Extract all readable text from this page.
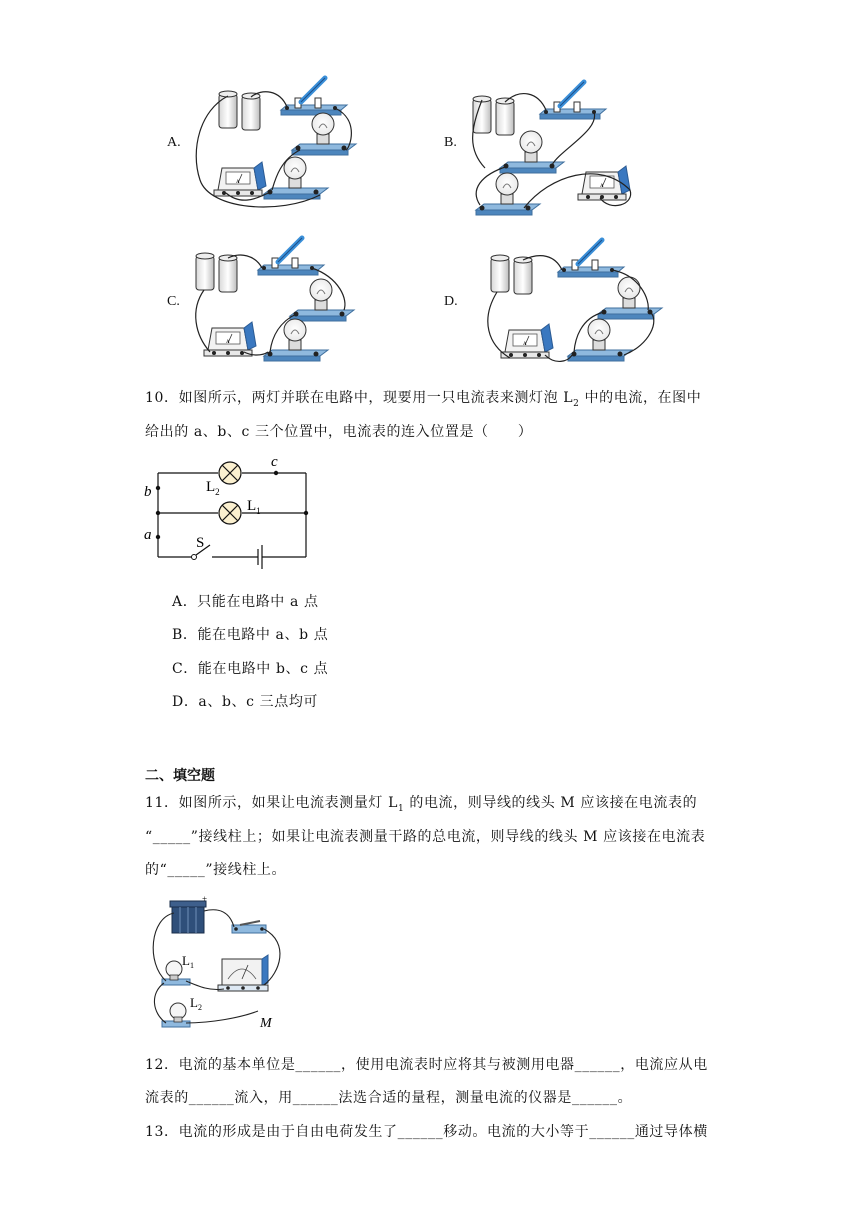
A.	B.
C.	D.
A
10．如图所示，两灯并联在电路中，现要用一只电流表来测灯泡 $L_2$ 中的电流，在图中
给出的 a、b、c 三个位置中，电流表的连入位置是（　　）
c
b
a
$L_2$
$L_1$
S
A．只能在电路中 a 点
B．能在电路中 a、b 点
C．能在电路中 b、c 点
D．a、b、c 三点均可
二、填空题
11．如图所示，如果让电流表测量灯 $L_1$ 的电流，则导线的线头 M 应该接在电流表的
“_____”接线柱上；如果让电流表测量干路的总电流，则导线的线头 M 应该接在电流表
的“_____”接线柱上。
+
$L_1$
$L_2$
M
12．电流的基本单位是______，使用电流表时应将其与被测用电器______，电流应从电
流表的______流入，用______法选合适的量程，测量电流的仪器是______。
13．电流的形成是由于自由电荷发生了______移动。电流的大小等于______通过导体横
